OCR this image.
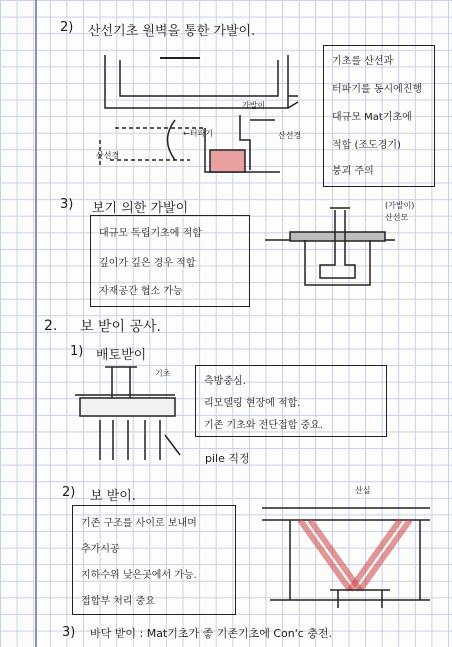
2) 산선기초 원벽을 통한 가발이.
기초를 산선과
터파기를 동시에진행
대규모 Mat기초에
적합 (조도경기)
붕괴 주의
가발이
←터파기
산선경
산선경
3) 보기 의한 가발이
대규모 독립기초에 적합
깊이가 깊은 경우 적합
자재공간 협소 가능
(가발이)
산선모
2. 보 받이 공사.
1) 배토받이
기초
측방중심.
리모델링 현장에 적합.
기존 기초와 전단접합 중요.
pile 직정
2) 보 받이.	산실
기존 구조를 사이로 보내며
추가시공
지하수위 낮은곳에서 가능.
접합부 처리 중요
3) 바닥 받이 : Mat기초가 좋 기존기초에 Con'c 충전.
